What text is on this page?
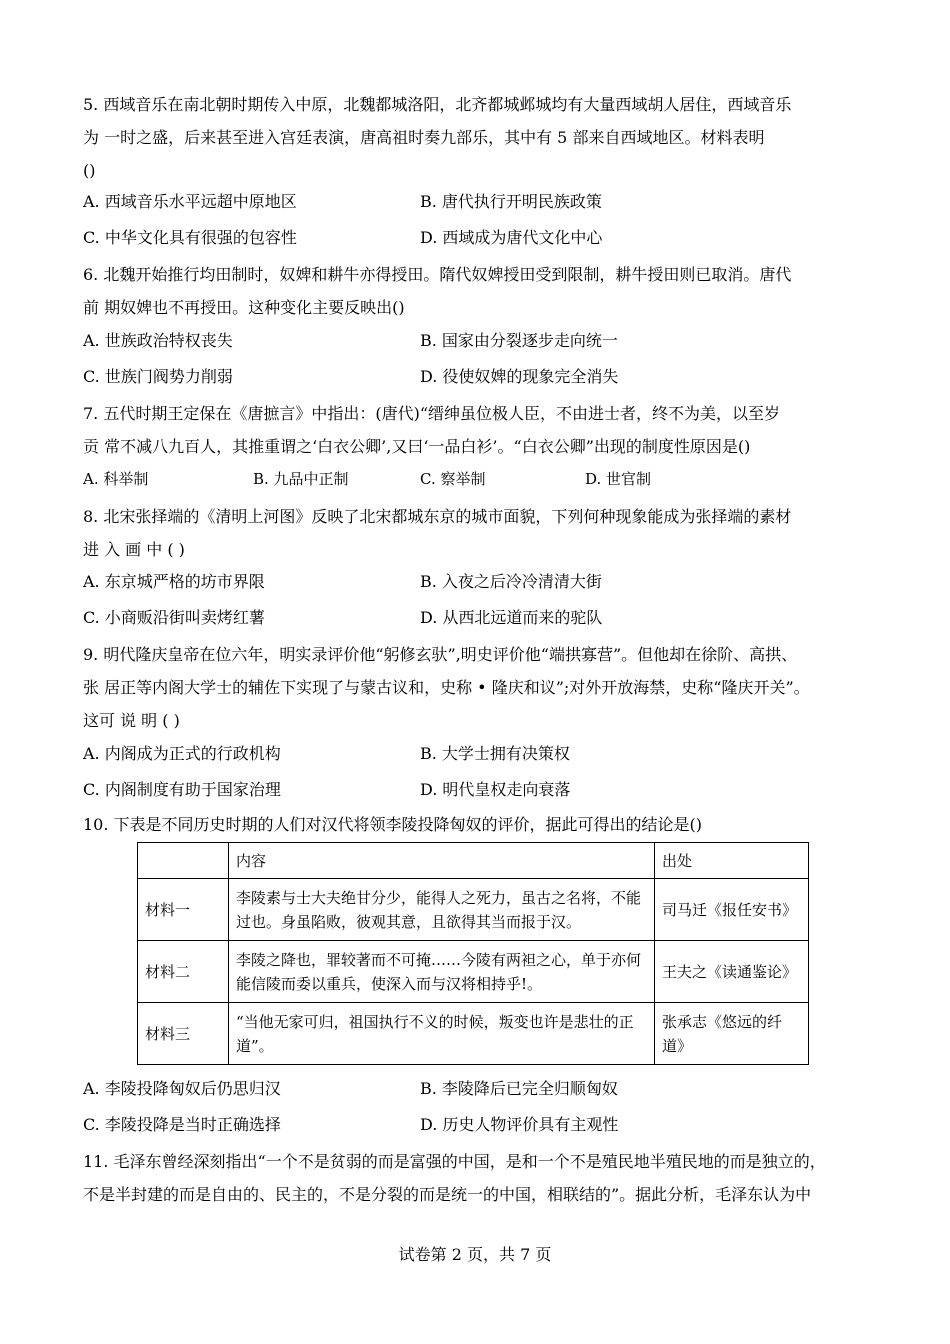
5. 西域音乐在南北朝时期传入中原，北魏都城洛阳，北齐都城邺城均有大量西域胡人居住，西域音乐
为 一时之盛，后来甚至进入宫廷表演，唐高祖时奏九部乐，其中有 5 部来自西域地区。材料表明
()
A. 西域音乐水平远超中原地区	B. 唐代执行开明民族政策
C. 中华文化具有很强的包容性	D. 西域成为唐代文化中心
6. 北魏开始推行均田制时，奴婢和耕牛亦得授田。隋代奴婢授田受到限制，耕牛授田则已取消。唐代
前 期奴婢也不再授田。这种变化主要反映出()
A. 世族政治特权丧失	B. 国家由分裂逐步走向统一
C. 世族门阀势力削弱	D. 役使奴婢的现象完全消失
7. 五代时期王定保在《唐摭言》中指出：(唐代)“缙绅虽位极人臣，不由进士者，终不为美，以至岁
贡 常不减八九百人，其推重谓之‘白衣公卿’,又曰‘一品白衫’。“白衣公卿”出现的制度性原因是()
A. 科举制	B. 九品中正制	C. 察举制	D. 世官制
8. 北宋张择端的《清明上河图》反映了北宋都城东京的城市面貌，下列何种现象能成为张择端的素材
进 入 画 中 ( )
A. 东京城严格的坊市界限	B. 入夜之后冷冷清清大街
C. 小商贩沿街叫卖烤红薯	D. 从西北远道而来的驼队
9. 明代隆庆皇帝在位六年，明实录评价他“躬修玄驮”,明史评价他“端拱寡营”。但他却在徐阶、高拱、
张 居正等内阁大学士的辅佐下实现了与蒙古议和，史称 • 隆庆和议”;对外开放海禁，史称“隆庆开关”。
这可 说 明 ( )
A. 内阁成为正式的行政机构	B. 大学士拥有决策权
C. 内阁制度有助于国家治理	D. 明代皇权走向衰落
10. 下表是不同历史时期的人们对汉代将领李陵投降匈奴的评价，据此可得出的结论是()
	内容	出处
材料一	李陵素与士大夫绝甘分少，能得人之死力，虽古之名将，不能过也。身虽陷败，彼观其意，且欲得其当而报于汉。	司马迁《报任安书》
材料二	李陵之降也，罪较著而不可掩……今陵有两袒之心，单于亦何能信陵而委以重兵，使深入而与汉将相持乎!。	王夫之《读通鉴论》
材料三	“当他无家可归，祖国执行不义的时候，叛变也许是悲壮的正道”。	张承志《悠远的纤道》
A. 李陵投降匈奴后仍思归汉	B. 李陵降后已完全归顺匈奴
C. 李陵投降是当时正确选择	D. 历史人物评价具有主观性
11. 毛泽东曾经深刻指出“一个不是贫弱的而是富强的中国，是和一个不是殖民地半殖民地的而是独立的，
不是半封建的而是自由的、民主的，不是分裂的而是统一的中国，相联结的”。据此分析，毛泽东认为中
试卷第 2 页，共 7 页
